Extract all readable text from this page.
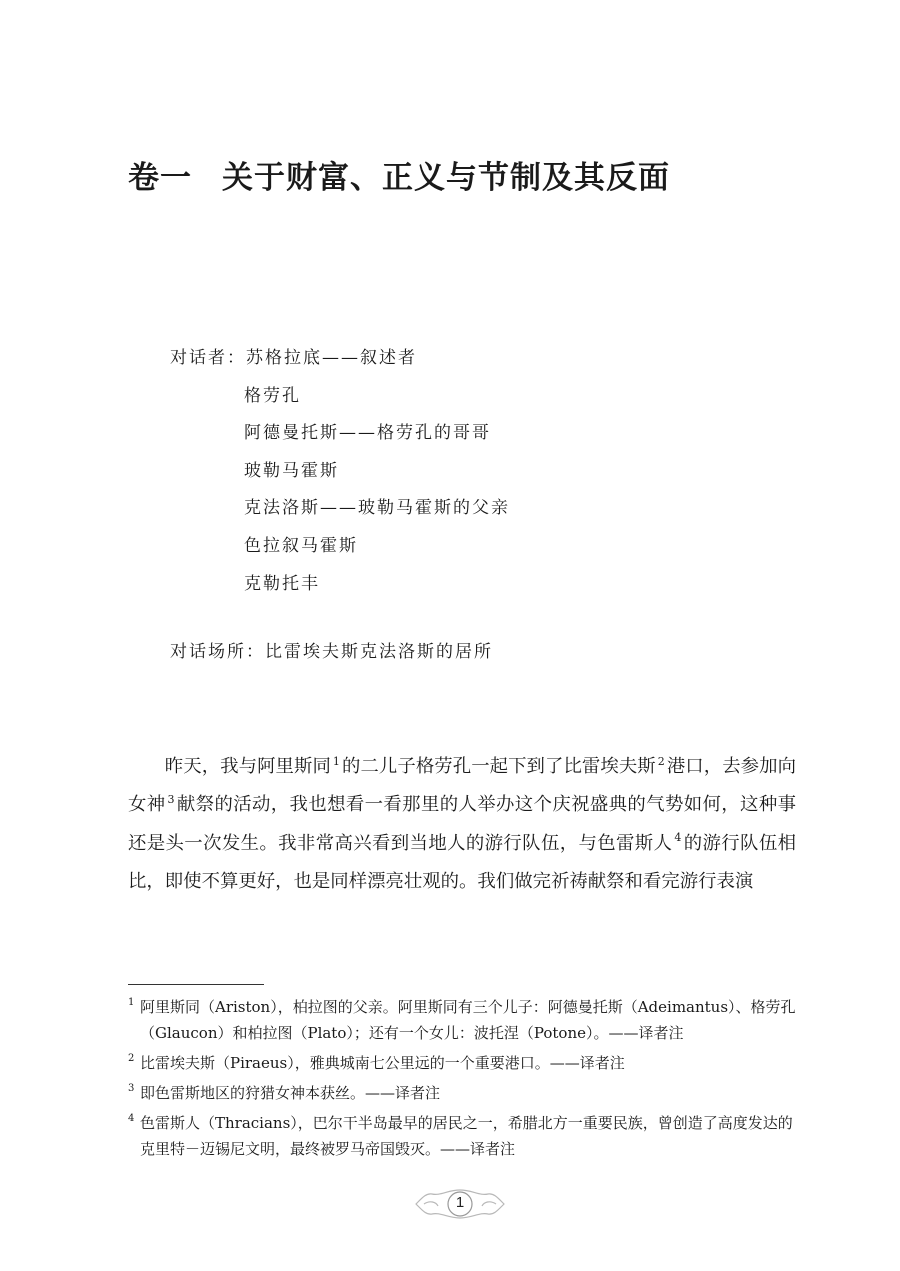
卷一 关于财富、正义与节制及其反面
对话者：苏格拉底——叙述者
格劳孔
阿德曼托斯——格劳孔的哥哥
玻勒马霍斯
克法洛斯——玻勒马霍斯的父亲
色拉叙马霍斯
克勒托丰
对话场所：比雷埃夫斯克法洛斯的居所

昨天，我与阿里斯同 $^1$ 的二儿子格劳孔一起下到了比雷埃夫斯 $^2$ 港口，去参加向女神 $^3$ 献祭的活动，我也想看一看那里的人举办这个庆祝盛典的气势如何，这种事还是头一次发生。我非常高兴看到当地人的游行队伍，与色雷斯人 $^4$ 的游行队伍相比，即使不算更好，也是同样漂亮壮观的。我们做完祈祷献祭和看完游行表演

1 阿里斯同（Ariston），柏拉图的父亲。阿里斯同有三个儿子：阿德曼托斯（Adeimantus）、格劳孔（Glaucon）和柏拉图（Plato）；还有一个女儿：波托涅（Potone）。——译者注
2 比雷埃夫斯（Piraeus），雅典城南七公里远的一个重要港口。——译者注
3 即色雷斯地区的狩猎女神本获丝。——译者注
4 色雷斯人（Thracians），巴尔干半岛最早的居民之一，希腊北方一重要民族，曾创造了高度发达的克里特－迈锡尼文明，最终被罗马帝国毁灭。——译者注
1
